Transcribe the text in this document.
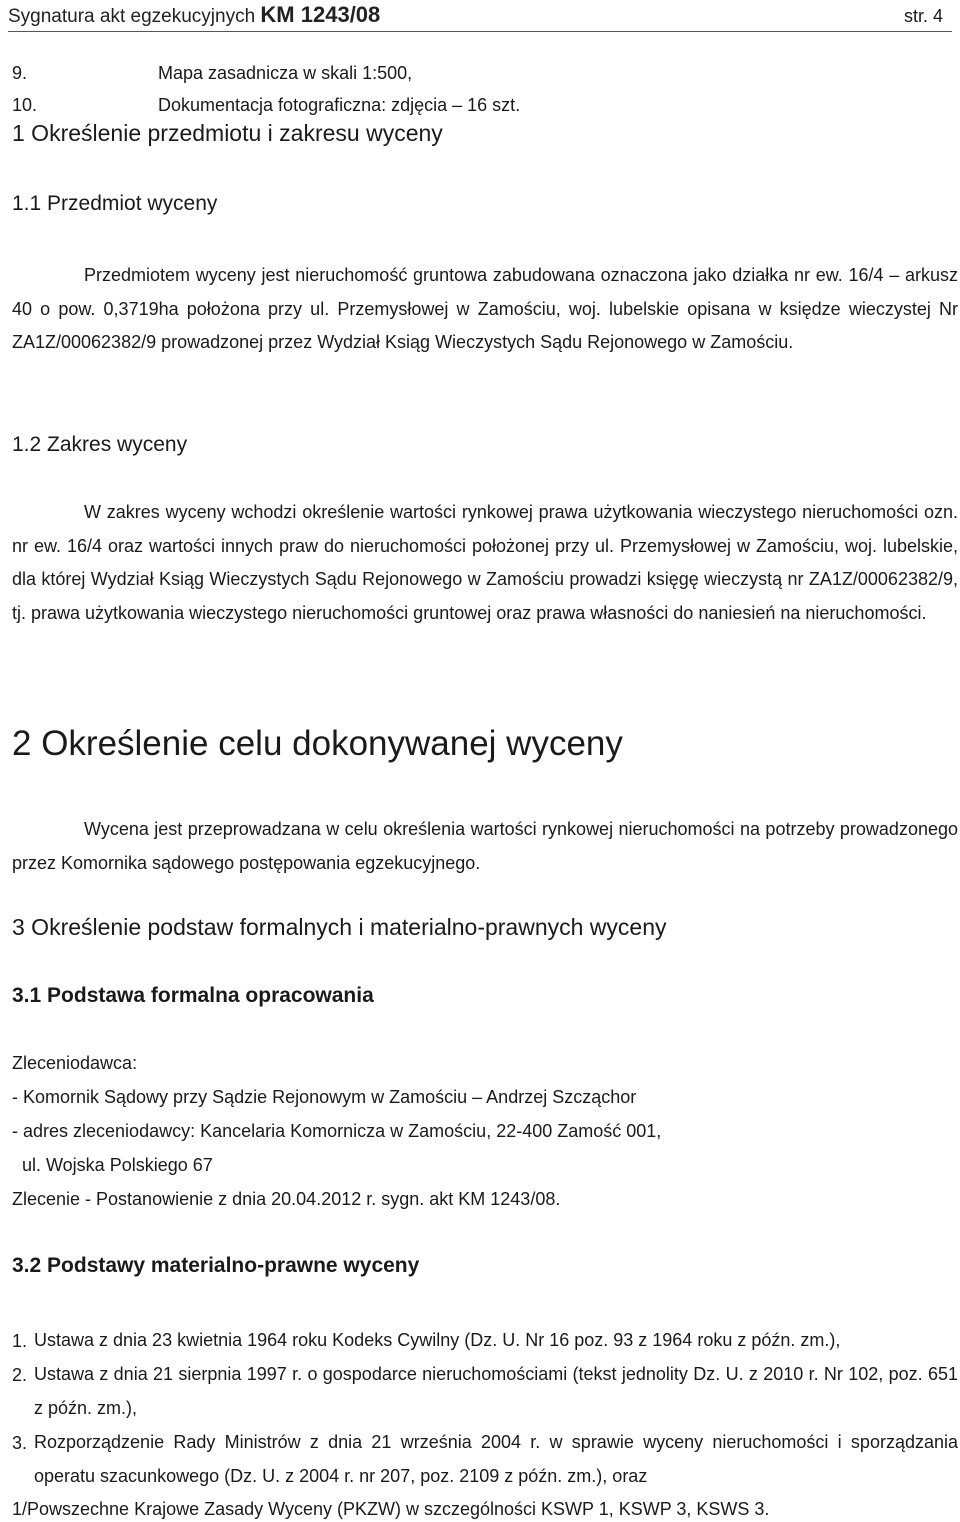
Sygnatura akt egzekucyjnych KM 1243/08	str. 4
9.	Mapa zasadnicza w skali 1:500,
10.	Dokumentacja fotograficzna: zdjęcia – 16 szt.
1 Określenie przedmiotu i zakresu wyceny
1.1 Przedmiot wyceny

Przedmiotem wyceny jest nieruchomość gruntowa zabudowana oznaczona jako działka nr ew. 16/4 – arkusz 40 o pow. 0,3719ha położona przy ul. Przemysłowej w Zamościu, woj. lubelskie opisana w księdze wieczystej Nr ZA1Z/00062382/9 prowadzonej przez Wydział Ksiąg Wieczystych Sądu Rejonowego w Zamościu.

1.2 Zakres wyceny

W zakres wyceny wchodzi określenie wartości rynkowej prawa użytkowania wieczystego nieruchomości ozn. nr ew. 16/4 oraz wartości innych praw do nieruchomości położonej przy ul. Przemysłowej w Zamościu, woj. lubelskie, dla której Wydział Ksiąg Wieczystych Sądu Rejonowego w Zamościu prowadzi księgę wieczystą nr ZA1Z/00062382/9, tj. prawa użytkowania wieczystego nieruchomości gruntowej oraz prawa własności do naniesień na nieruchomości.

2 Określenie celu dokonywanej wyceny

Wycena jest przeprowadzana w celu określenia wartości rynkowej nieruchomości na potrzeby prowadzonego przez Komornika sądowego postępowania egzekucyjnego.

3 Określenie podstaw formalnych i materialno-prawnych wyceny
3.1 Podstawa formalna opracowania
Zleceniodawca:
- Komornik Sądowy przy Sądzie Rejonowym w Zamościu – Andrzej Szcząchor
- adres zleceniodawcy: Kancelaria Komornicza w Zamościu, 22-400 Zamość 001,
ul. Wojska Polskiego 67
Zlecenie - Postanowienie z dnia 20.04.2012 r. sygn. akt KM 1243/08.
3.2 Podstawy materialno-prawne wyceny
1. Ustawa z dnia 23 kwietnia 1964 roku Kodeks Cywilny (Dz. U. Nr 16 poz. 93 z 1964 roku z późn. zm.),

2. Ustawa z dnia 21 sierpnia 1997 r. o gospodarce nieruchomościami (tekst jednolity Dz. U. z 2010 r. Nr 102, poz. 651 z późn. zm.),

3. Rozporządzenie Rady Ministrów z dnia 21 września 2004 r. w sprawie wyceny nieruchomości i sporządzania operatu szacunkowego (Dz. U. z 2004 r. nr 207, poz. 2109 z późn. zm.), oraz

1/Powszechne Krajowe Zasady Wyceny (PKZW) w szczególności KSWP 1, KSWP 3, KSWS 3.
